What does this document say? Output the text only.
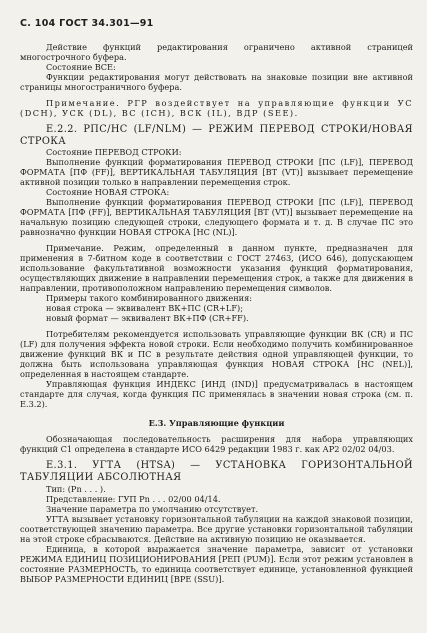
С. 104 ГОСТ 34.301—91

Действие функций редактирования ограничено активной страницей многострочного буфера.

Состояние ВСЕ:

Функции редактирования могут действовать на знаковые позиции вне активной страницы многостраничного буфера.

Примечание. РГР воздействует на управляющие функции УС (DCH), УСК (DL), ВС (ICH), ВСК (IL), ВДР (SEE).

Е.2.2. РПС/НС (LF/NLM) — РЕЖИМ ПЕРЕВОД СТРОКИ/НОВАЯ СТРОКА

Состояние ПЕРЕВОД СТРОКИ:

Выполнение функций форматирования ПЕРЕВОД СТРОКИ [ПС (LF)], ПЕРЕВОД ФОРМАТА [ПФ (FF)], ВЕРТИКАЛЬНАЯ ТАБУЛЯЦИЯ [ВТ (VT)] вызывает перемещение активной позиции только в направлении перемещения строк.

Состояние НОВАЯ СТРОКА:

Выполнение функций форматирования ПЕРЕВОД СТРОКИ [ПС (LF)], ПЕРЕВОД ФОРМАТА [ПФ (FF)], ВЕРТИКАЛЬНАЯ ТАБУЛЯЦИЯ [ВТ (VT)] вызывает перемещение на начальную позицию следующей строки, следующего формата и т. д. В случае ПС это равнозначно функции НОВАЯ СТРОКА [НС (NL)].

Примечание. Режим, определенный в данном пункте, предназначен для применения в 7-битном коде в соответствии с ГОСТ 27463, (ИСО 646), допускающем использование факультативной возможности указания функций форматирования, осуществляющих движение в направлении перемещения строк, а также для движения в направлении, противоположном направлению перемещения символов.

Примеры такого комбинированного движения:

новая строка — эквивалент ВК+ПС (CR+LF);

новый формат — эквивалент ВК+ПФ (CR+FF).

Потребителям рекомендуется использовать управляющие функции ВК (CR) и ПС (LF) для получения эффекта новой строки. Если необходимо получить комбинированное движение функций ВК и ПС в результате действия одной управляющей функции, то должна быть использована управляющая функция НОВАЯ СТРОКА [НС (NEL)], определенная в настоящем стандарте.

Управляющая функция ИНДЕКС [ИНД (IND)] предусматривалась в настоящем стандарте для случая, когда функция ПС применялась в значении новая строка (см. п. Е.3.2).

Е.3. Управляющие функции

Обозначающая последовательность расширения для набора управляющих функций С1 определена в стандарте ИСО 6429 редакции 1983 г. как АР2 02/02 04/03.

Е.3.1. УГТА (HTSA) — УСТАНОВКА ГОРИЗОНТАЛЬНОЙ ТАБУЛЯЦИИ АБСОЛЮТНАЯ

Тип: (Pn . . . ).

Представление: ГУП Pn . . . 02/00 04/14.

Значение параметра по умолчанию отсутствует.

УГТА вызывает установку горизонтальной табуляции на каждой знаковой позиции, соответствующей значению параметра. Все другие установки горизонтальной табуляции на этой строке сбрасываются. Действие на активную позицию не оказывается.

Единица, в которой выражается значение параметра, зависит от установки РЕЖИМА ЕДИНИЦ ПОЗИЦИОНИРОВАНИЯ [РЕП (PUM)]. Если этот режим установлен в состояние РАЗМЕРНОСТЬ, то единица соответствует единице, установленной функцией ВЫБОР РАЗМЕРНОСТИ ЕДИНИЦ [ВРЕ (SSU)].
